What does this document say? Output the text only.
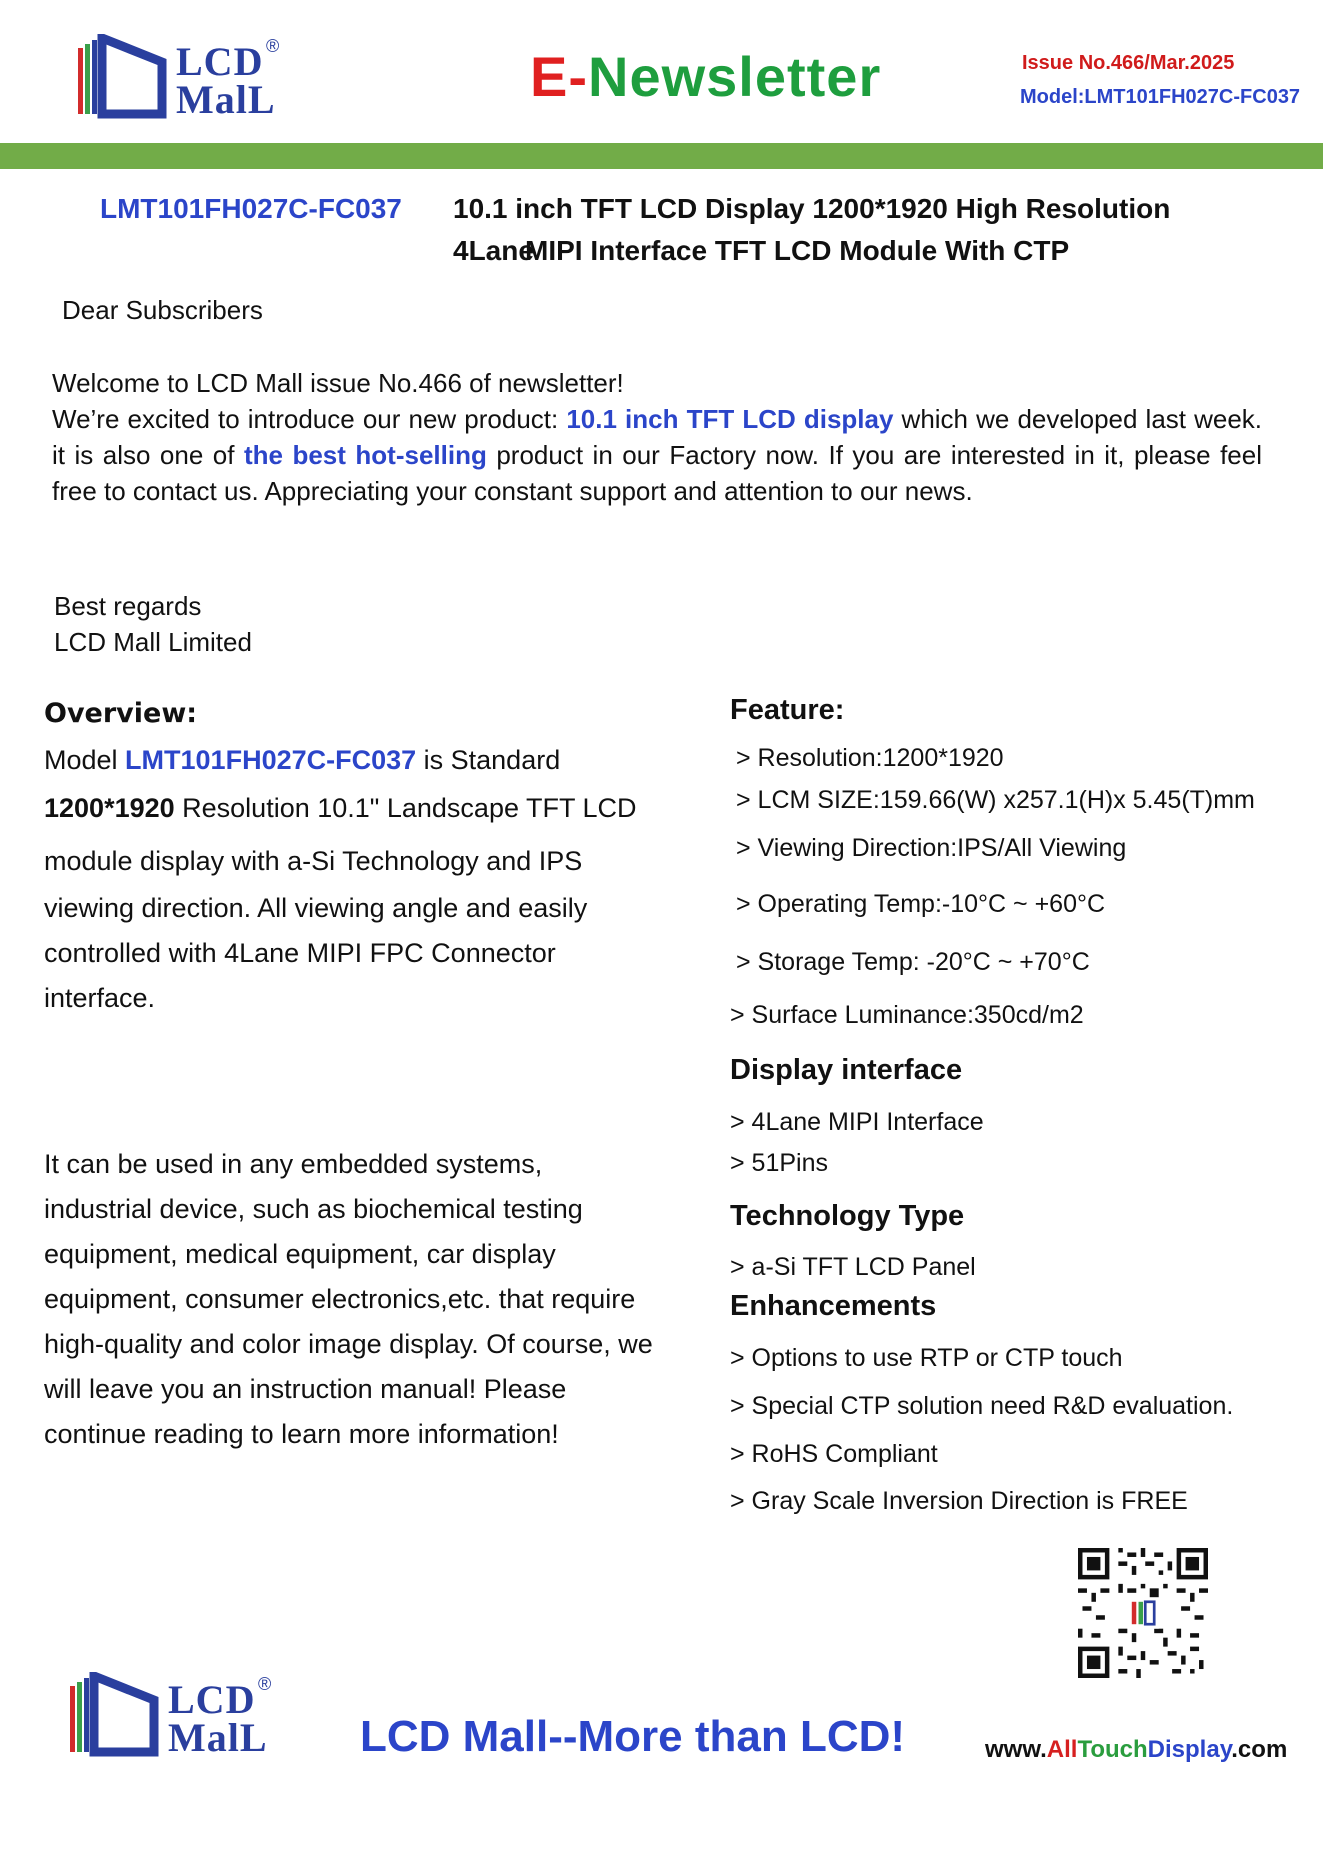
LCD
MalL
®	E-Newsletter	Issue No.466/Mar.2025
Model:LMT101FH027C-FC037
LMT101FH027C-FC037 10.1 inch TFT LCD Display 1200*1920 High Resolution 4Lane
MIPI Interface TFT LCD Module With CTP
Dear Subscribers

Welcome to LCD Mall issue No.466 of newsletter!

We’re excited to introduce our new product: 10.1 inch TFT LCD display which we developed last week. it is also one of the best hot-selling product in our Factory now. If you are interested in it, please feel free to contact us. Appreciating your constant support and attention to our news.

Best regards

LCD Mall Limited

Overview:
Model LMT101FH027C-FC037 is Standard
1200*1920 Resolution 10.1" Landscape TFT LCD
module display with a-Si Technology and IPS
viewing direction. All viewing angle and easily
controlled with 4Lane MIPI FPC Connector
interface.
It can be used in any embedded systems,
industrial device, such as biochemical testing
equipment, medical equipment, car display
equipment, consumer electronics,etc. that require
high-quality and color image display. Of course, we
will leave you an instruction manual! Please
continue reading to learn more information!
Feature:
> Resolution:1200*1920
> LCM SIZE:159.66(W) x257.1(H)x 5.45(T)mm
> Viewing Direction:IPS/All Viewing
> Operating Temp:-10°C ~ +60°C
> Storage Temp: -20°C ~ +70°C
> Surface Luminance:350cd/m2
Display interface
> 4Lane MIPI Interface
> 51Pins
Technology Type
> a-Si TFT LCD Panel
Enhancements
> Options to use RTP or CTP touch
> Special CTP solution need R&D evaluation.
> RoHS Compliant
> Gray Scale Inversion Direction is FREE
LCD
MalL
®
LCD Mall--More than LCD!	www.AllTouchDisplay.com
